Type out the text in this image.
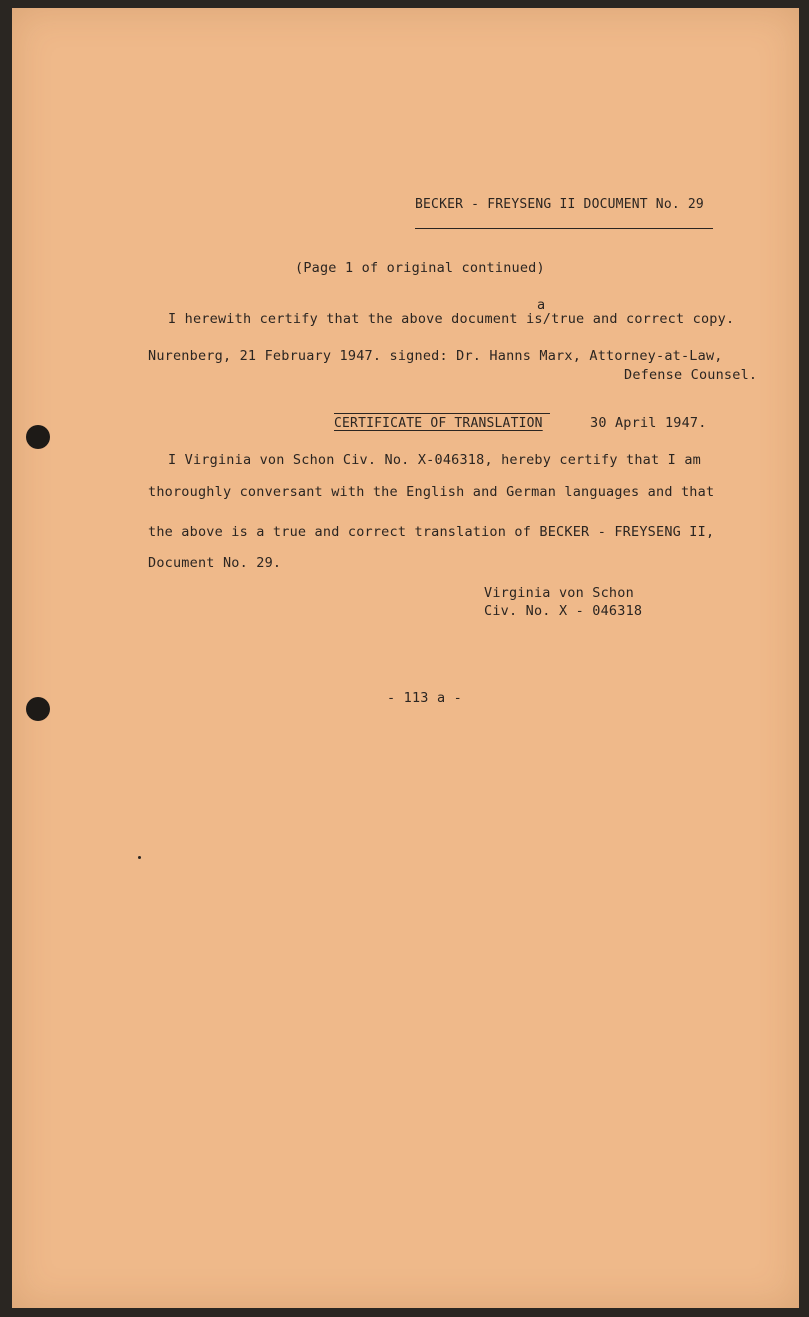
BECKER - FREYSENG II DOCUMENT No. 29
(Page 1 of original continued)
a
I herewith certify that the above document is/true and correct copy.
Nurenberg, 21 February 1947. signed: Dr. Hanns Marx, Attorney-at-Law,
Defense Counsel.
CERTIFICATE OF TRANSLATION	30 April 1947.
I Virginia von Schon Civ. No. X-046318, hereby certify that I am
thoroughly conversant with the English and German languages and that
the above is a true and correct translation of BECKER - FREYSENG II,
Document No. 29.
Virginia von Schon
Civ. No. X - 046318
- 113 a -
